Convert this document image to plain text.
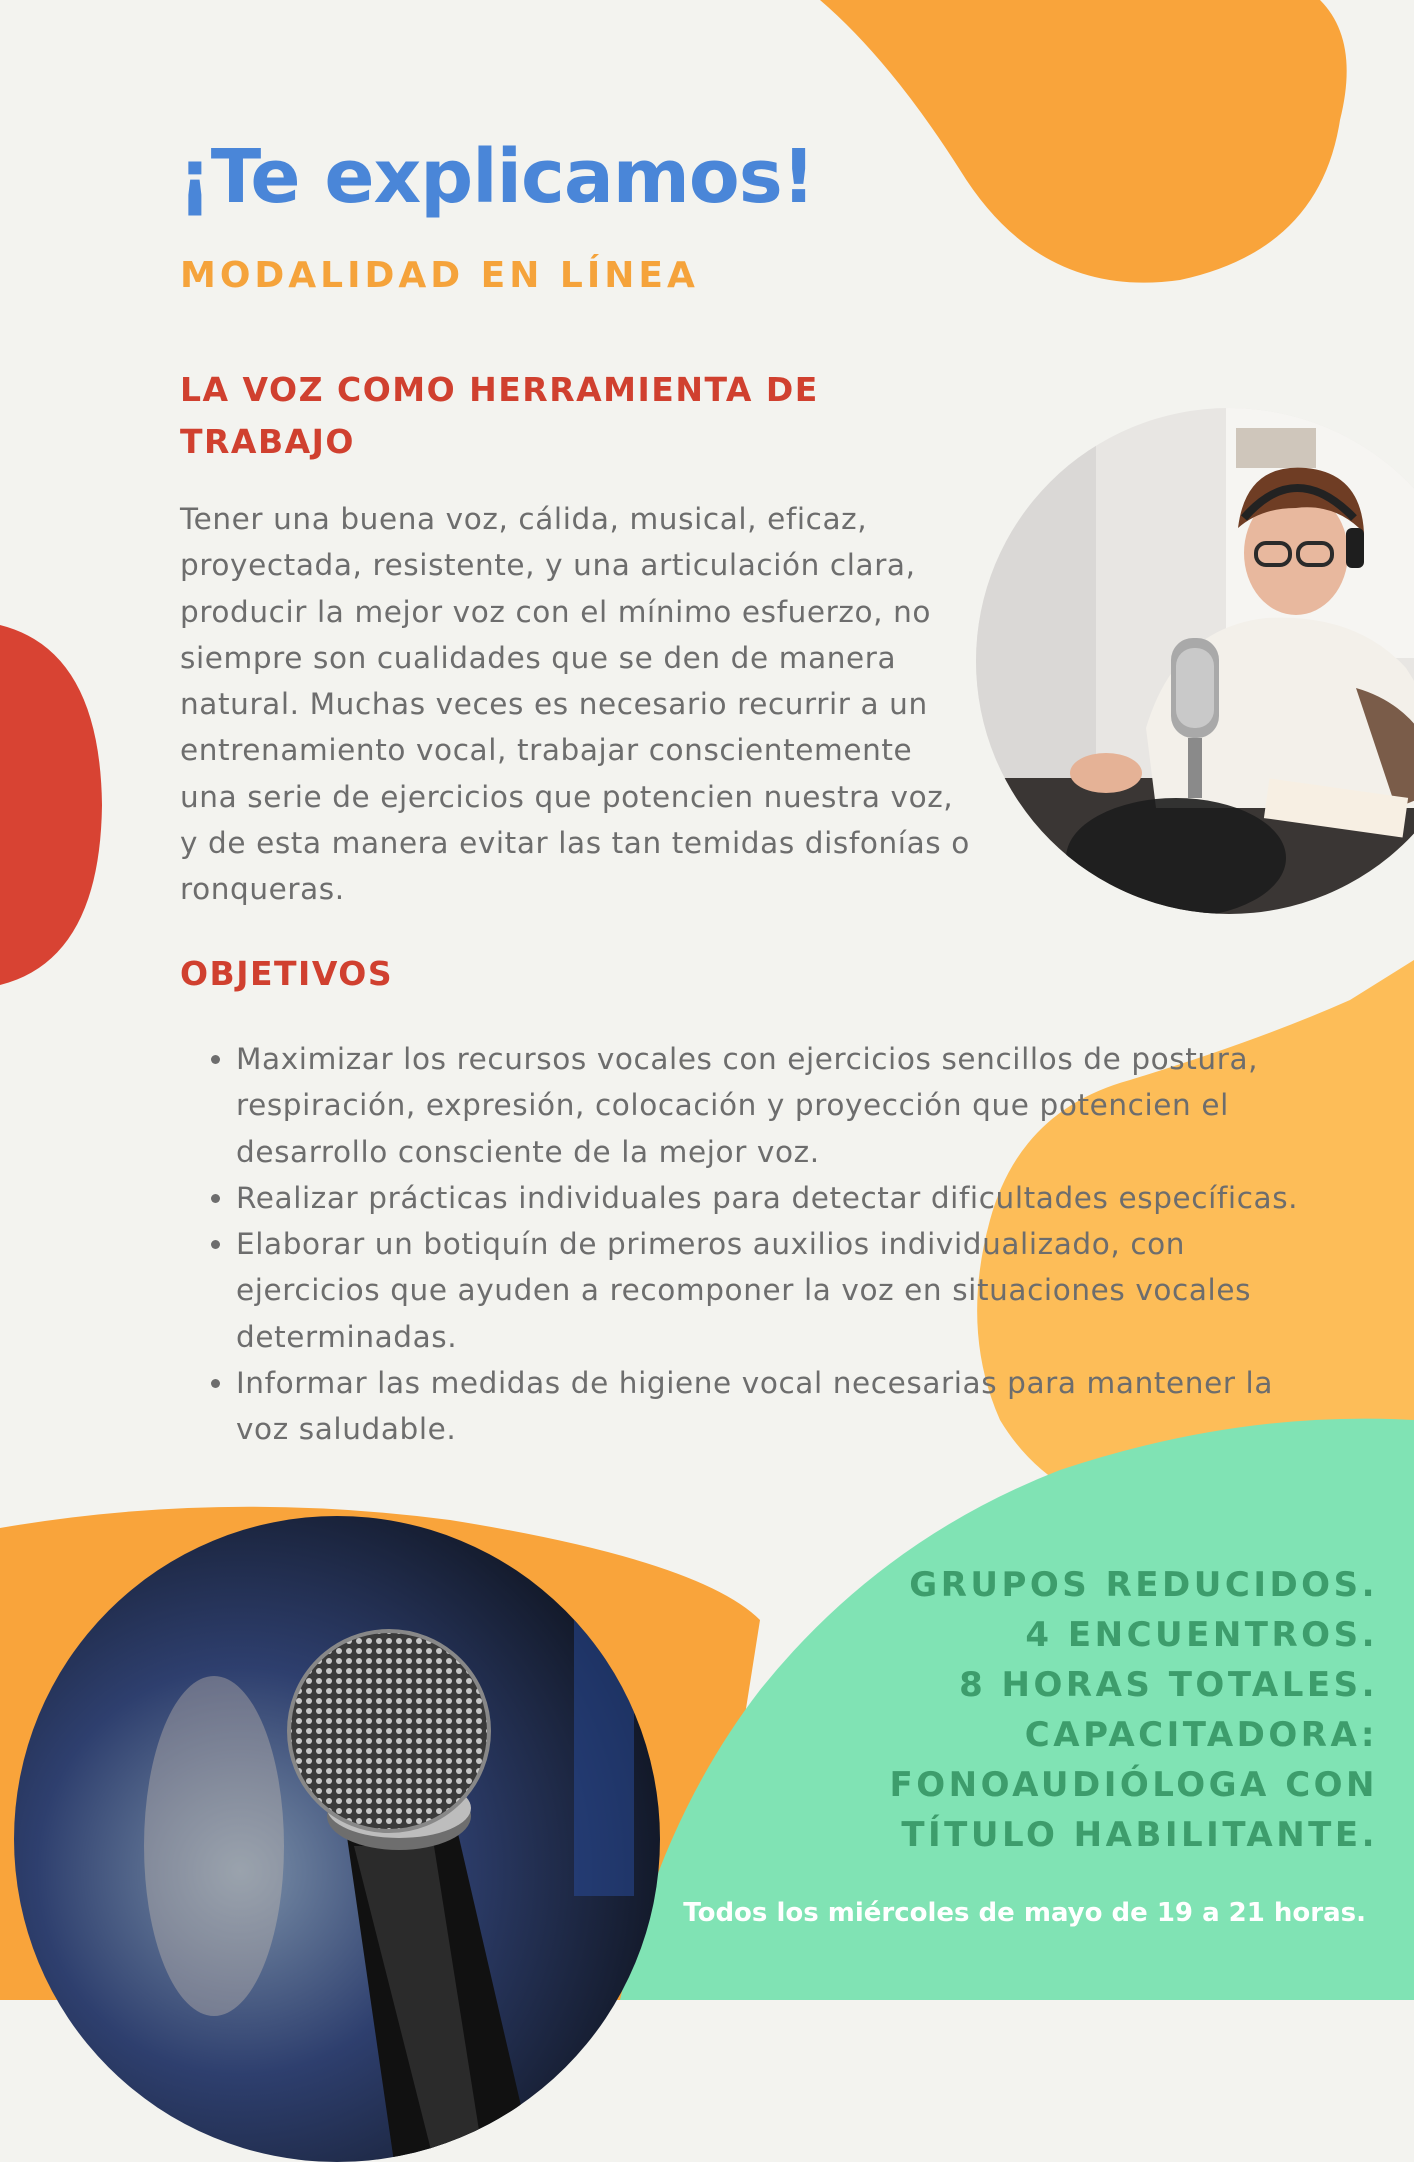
¡Te explicamos!
MODALIDAD EN LÍNEA
LA VOZ COMO HERRAMIENTA DE TRABAJO

Tener una buena voz, cálida, musical, eficaz, proyectada, resistente, y una articulación clara, producir la mejor voz con el mínimo esfuerzo, no siempre son cualidades que se den de manera natural. Muchas veces es necesario recurrir a un entrenamiento vocal, trabajar conscientemente una serie de ejercicios que potencien nuestra voz, y de esta manera evitar las tan temidas disfonías o ronqueras.

OBJETIVOS
• Maximizar los recursos vocales con ejercicios sencillos de postura, respiración, expresión, colocación y proyección que potencien el desarrollo consciente de la mejor voz.
• Realizar prácticas individuales para detectar dificultades específicas.
• Elaborar un botiquín de primeros auxilios individualizado, con ejercicios que ayuden a recomponer la voz en situaciones vocales determinadas.
• Informar las medidas de higiene vocal necesarias para mantener la voz saludable.
GRUPOS REDUCIDOS.
4 ENCUENTROS.
8 HORAS TOTALES.
CAPACITADORA:
FONOAUDIÓLOGA CON
TÍTULO HABILITANTE.

Todos los miércoles de mayo de 19 a 21 horas.
